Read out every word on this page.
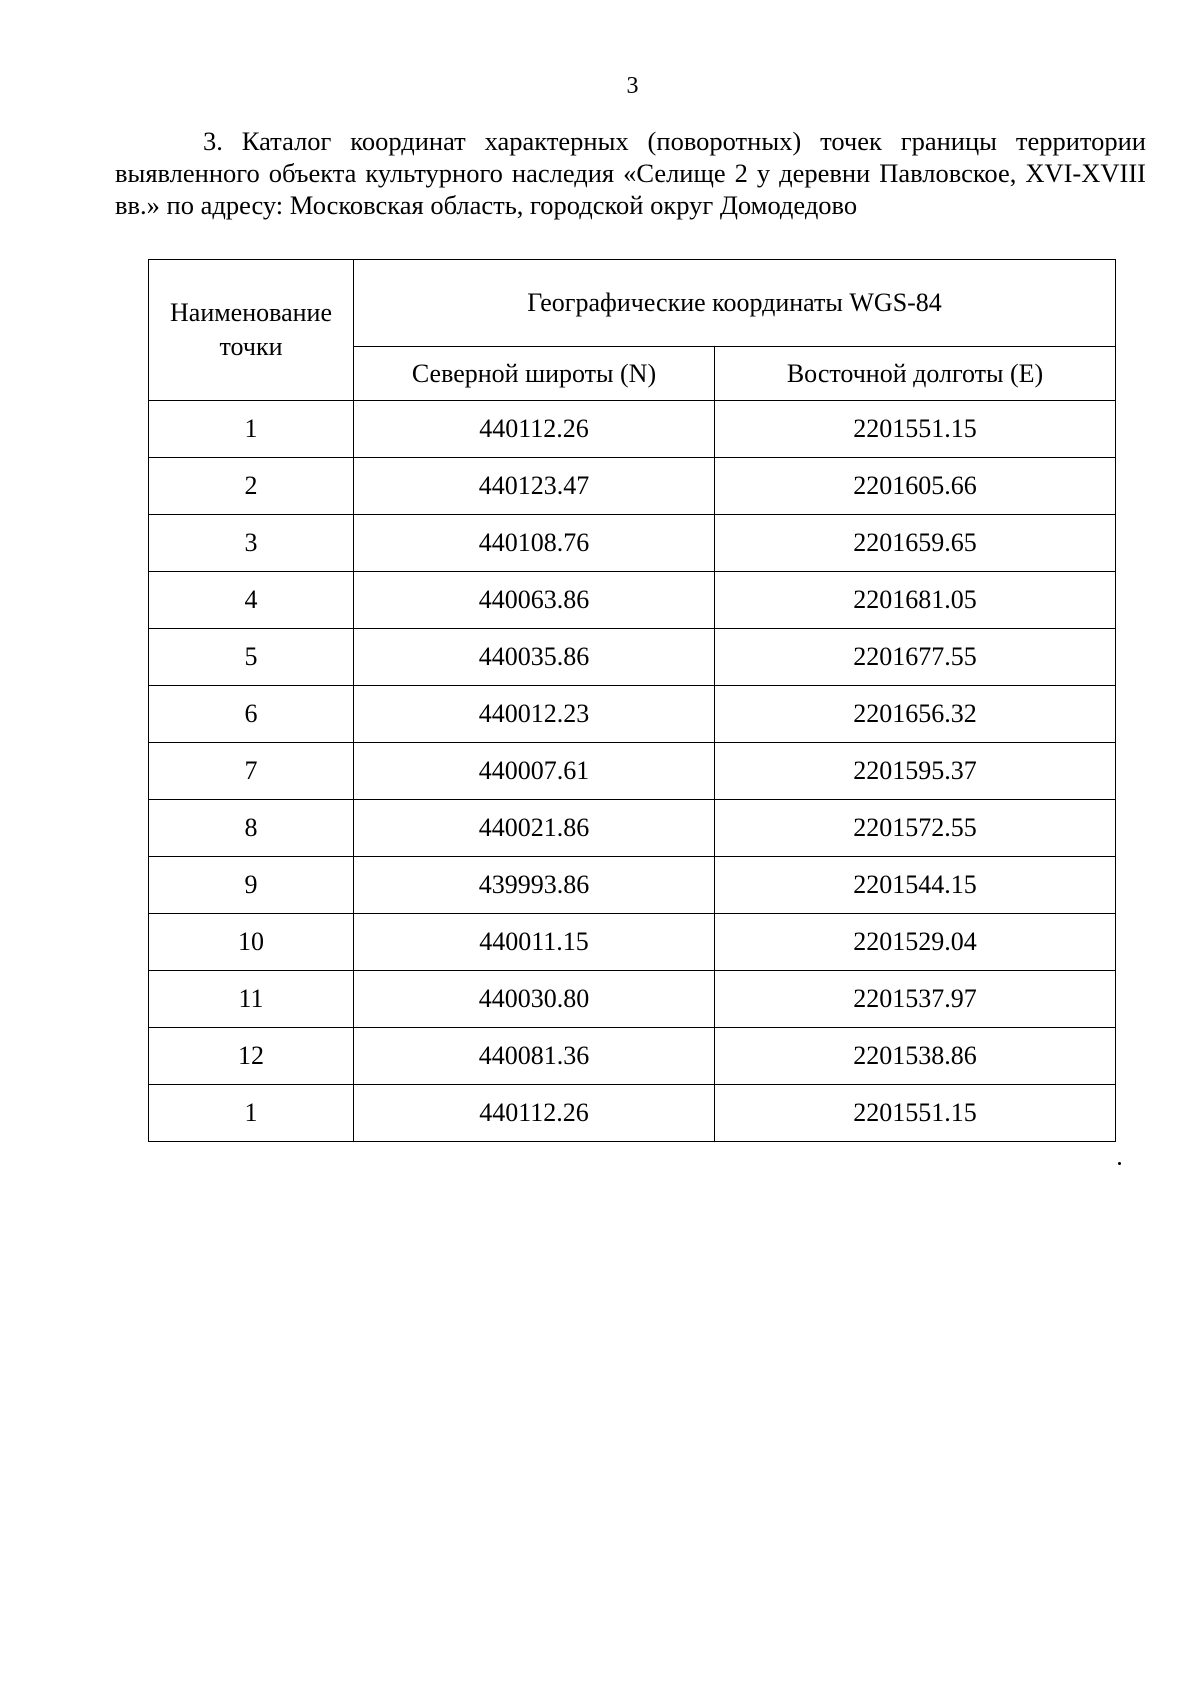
3
3. Каталог координат характерных (поворотных) точек границы территории выявленного объекта культурного наследия «Селище 2 у деревни Павловское, XVI-XVIII вв.» по адресу: Московская область, городской округ Домодедово
Наименование точки	Географические координаты WGS-84	
	Северной широты (N)	Восточной долготы (E)
1	440112.26	2201551.15
2	440123.47	2201605.66
3	440108.76	2201659.65
4	440063.86	2201681.05
5	440035.86	2201677.55
6	440012.23	2201656.32
7	440007.61	2201595.37
8	440021.86	2201572.55
9	439993.86	2201544.15
10	440011.15	2201529.04
11	440030.80	2201537.97
12	440081.36	2201538.86
1	440112.26	2201551.15
